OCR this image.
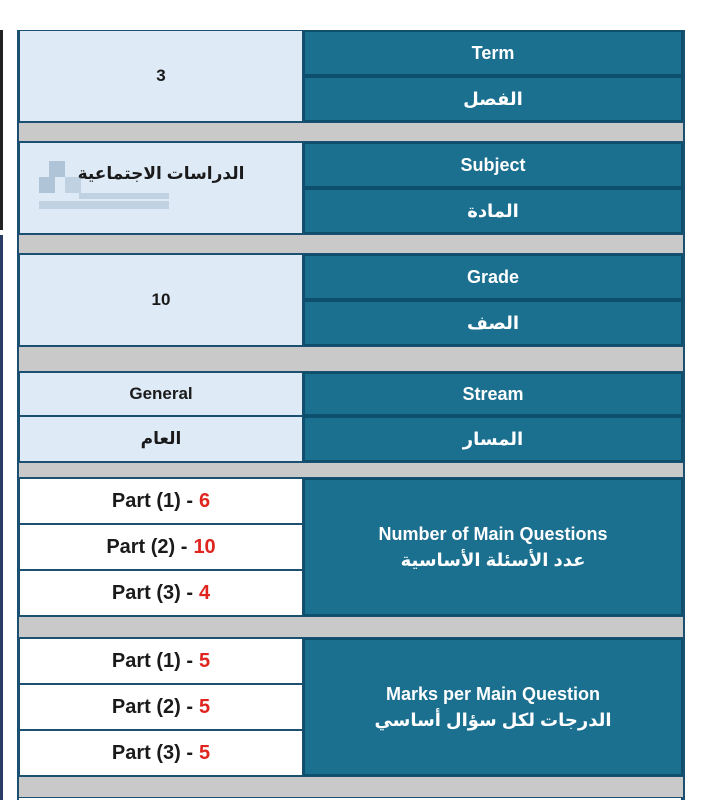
3
Term
الفصل
الدراسات الاجتماعية	Subject
المادة
10
Grade
الصف
General
العام
Stream
المسار
Part (1) - 6
Part (2) - 10
Part (3) - 4
Number of Main Questions
عدد الأسئلة الأساسية
Part (1) - 5
Part (2) - 5
Part (3) - 5
Marks per Main Question
الدرجات لكل سؤال أساسي
